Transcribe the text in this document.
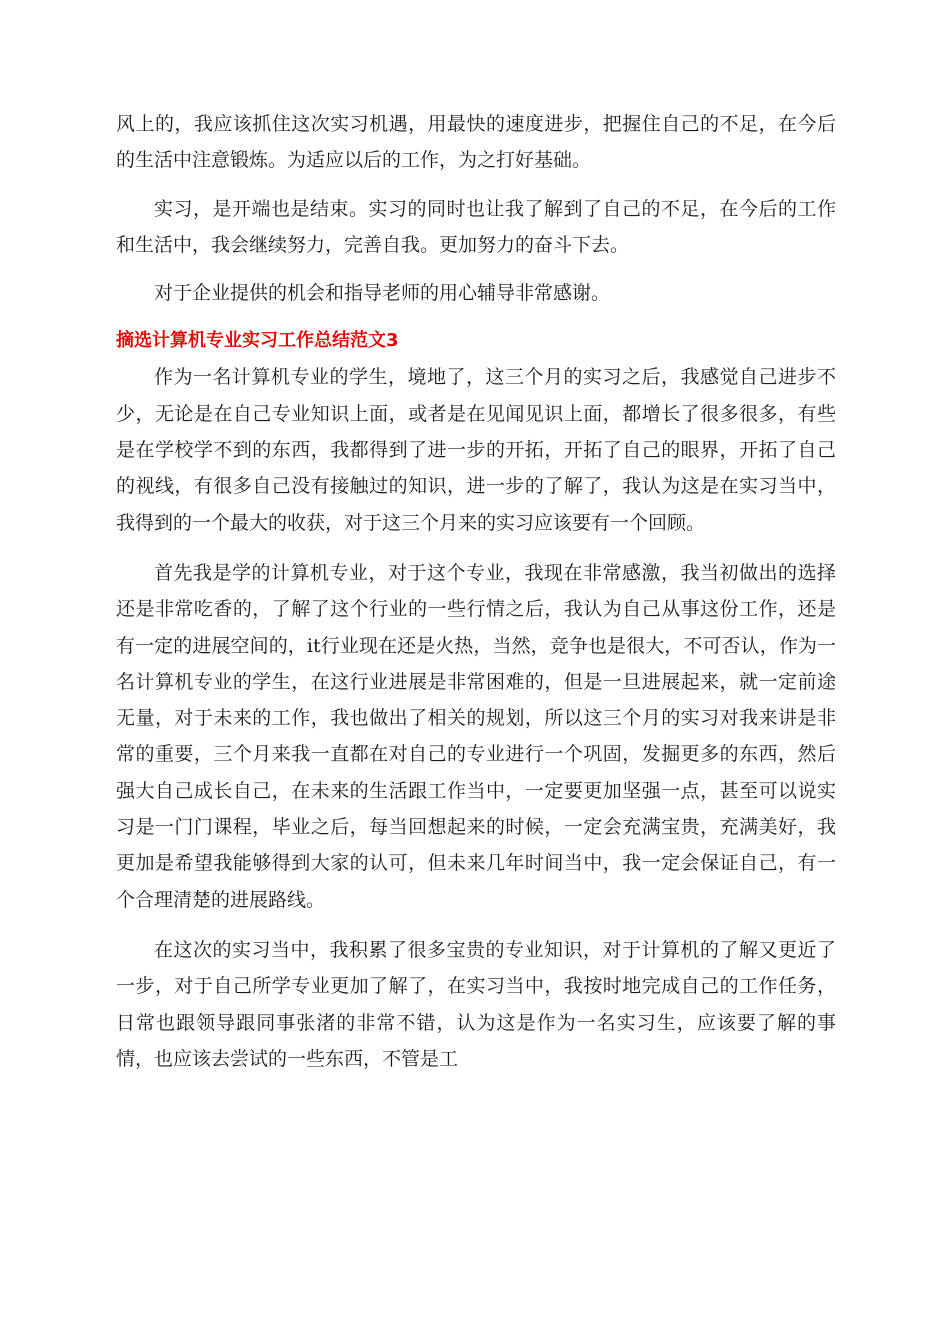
风上的，我应该抓住这次实习机遇，用最快的速度进步，把握住自己的不足，在今后的生活中注意锻炼。为适应以后的工作，为之打好基础。

实习，是开端也是结束。实习的同时也让我了解到了自己的不足，在今后的工作和生活中，我会继续努力，完善自我。更加努力的奋斗下去。

对于企业提供的机会和指导老师的用心辅导非常感谢。

摘选计算机专业实习工作总结范文3

作为一名计算机专业的学生，境地了，这三个月的实习之后，我感觉自己进步不少，无论是在自己专业知识上面，或者是在见闻见识上面，都增长了很多很多，有些是在学校学不到的东西，我都得到了进一步的开拓，开拓了自己的眼界，开拓了自己的视线，有很多自己没有接触过的知识，进一步的了解了，我认为这是在实习当中，我得到的一个最大的收获，对于这三个月来的实习应该要有一个回顾。

首先我是学的计算机专业，对于这个专业，我现在非常感激，我当初做出的选择还是非常吃香的，了解了这个行业的一些行情之后，我认为自己从事这份工作，还是有一定的进展空间的，it行业现在还是火热，当然，竞争也是很大，不可否认，作为一名计算机专业的学生，在这行业进展是非常困难的，但是一旦进展起来，就一定前途无量，对于未来的工作，我也做出了相关的规划，所以这三个月的实习对我来讲是非常的重要，三个月来我一直都在对自己的专业进行一个巩固，发掘更多的东西，然后强大自己成长自己，在未来的生活跟工作当中，一定要更加坚强一点，甚至可以说实习是一门门课程，毕业之后，每当回想起来的时候，一定会充满宝贵，充满美好，我更加是希望我能够得到大家的认可，但未来几年时间当中，我一定会保证自己，有一个合理清楚的进展路线。

在这次的实习当中，我积累了很多宝贵的专业知识，对于计算机的了解又更近了一步，对于自己所学专业更加了解了，在实习当中，我按时地完成自己的工作任务，日常也跟领导跟同事张渚的非常不错，认为这是作为一名实习生，应该要了解的事情，也应该去尝试的一些东西，不管是工
